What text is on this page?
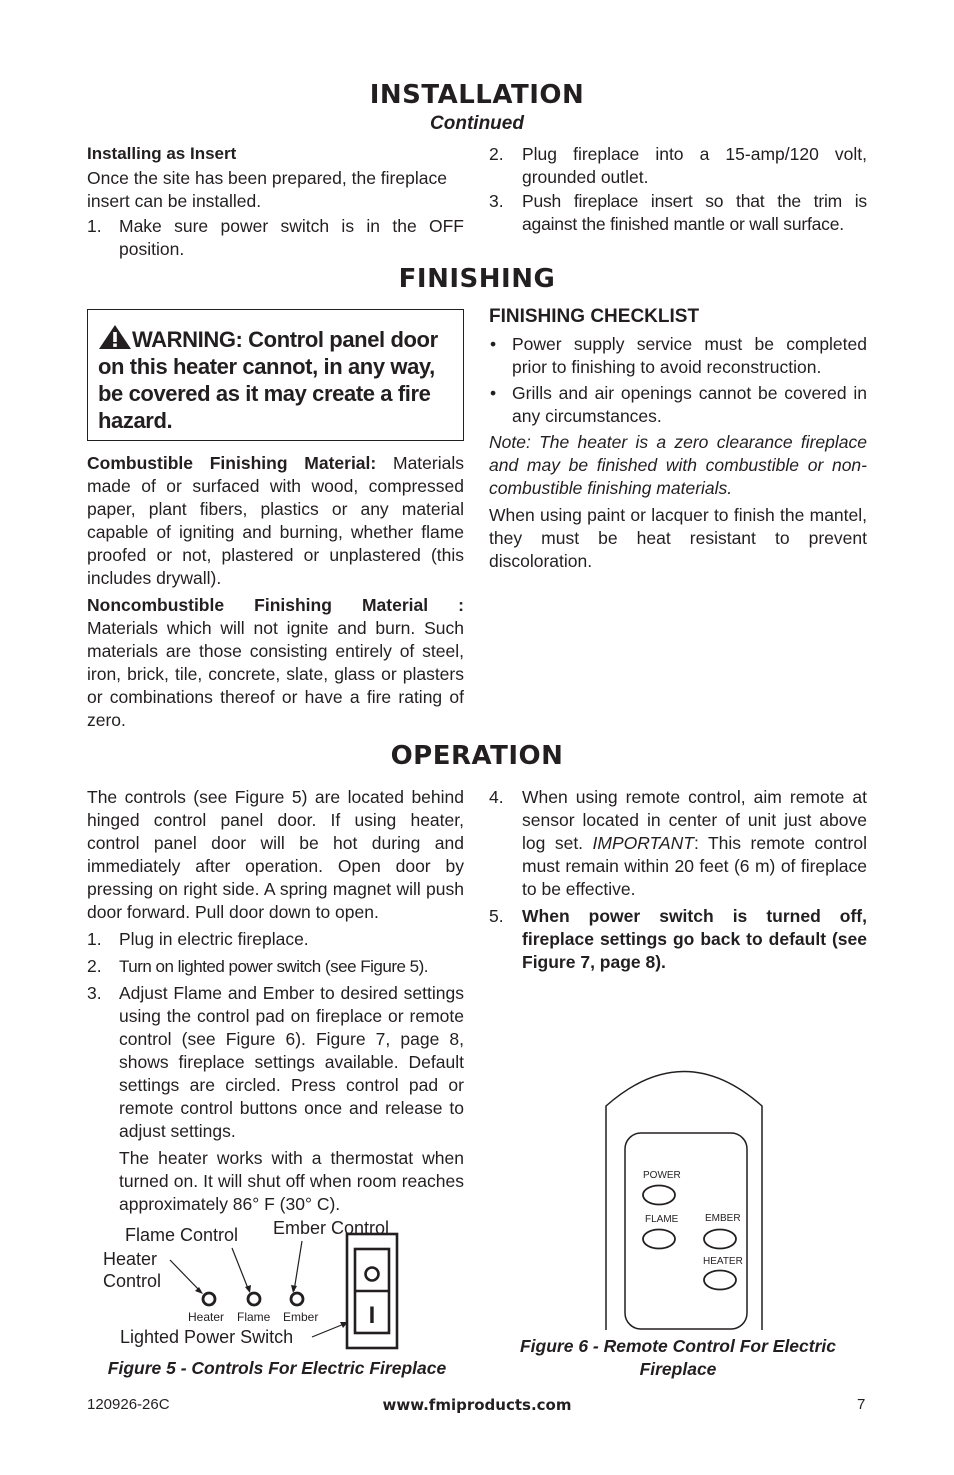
INSTALLATION
Continued
Installing as Insert

Once the site has been prepared, the fireplace insert can be installed.

1. Make sure power switch is in the OFF position.

2. Plug fireplace into a 15-amp/120 volt, grounded outlet.

3. Push fireplace insert so that the trim is against the finished mantle or wall surface.

FINISHING
WARNING: Control panel door on this heater cannot, in any way, be covered as it may create a fire hazard.

Combustible Finishing Material: Materials made of or surfaced with wood, compressed paper, plant fibers, plastics or any material capable of igniting and burning, whether flame proofed or not, plastered or unplastered (this includes drywall).

Noncombustible Finishing Material : Materials which will not ignite and burn. Such materials are those consisting entirely of steel, iron, brick, tile, concrete, slate, glass or plasters or combinations thereof or have a fire rating of zero.

FINISHING CHECKLIST
• Power supply service must be completed prior to finishing to avoid reconstruction.

• Grills and air openings cannot be covered in any circumstances.

Note: The heater is a zero clearance fireplace and may be finished with combustible or non-combustible finishing materials.

When using paint or lacquer to finish the mantel, they must be heat resistant to prevent discoloration.

OPERATION

The controls (see Figure 5) are located behind hinged control panel door. If using heater, control panel door will be hot during and immediately after operation. Open door by pressing on right side. A spring magnet will push door forward. Pull door down to open.

1. Plug in electric fireplace.

2. Turn on lighted power switch (see Figure 5).

3. Adjust Flame and Ember to desired settings using the control pad on fireplace or remote control (see Figure 6). Figure 7, page 8, shows fireplace settings available. Default settings are circled. Press control pad or remote control buttons once and release to adjust settings.

The heater works with a thermostat when turned on. It will shut off when room reaches approximately 86° F (30° C).

4. When using remote control, aim remote at sensor located in center of unit just above log set. IMPORTANT: This remote control must remain within 20 feet (6 m) of fireplace to be effective.

5. When power switch is turned off, fireplace settings go back to default (see Figure 7, page 8).

Flame Control Ember Control
Heater
Control
Heater Flame Ember
Lighted Power Switch
I
Figure 5 - Controls For Electric Fireplace
POWER
FLAME	EMBER
HEATER
Figure 6 - Remote Control For Electric
Fireplace
120926-26C	www.fmiproducts.com	7
